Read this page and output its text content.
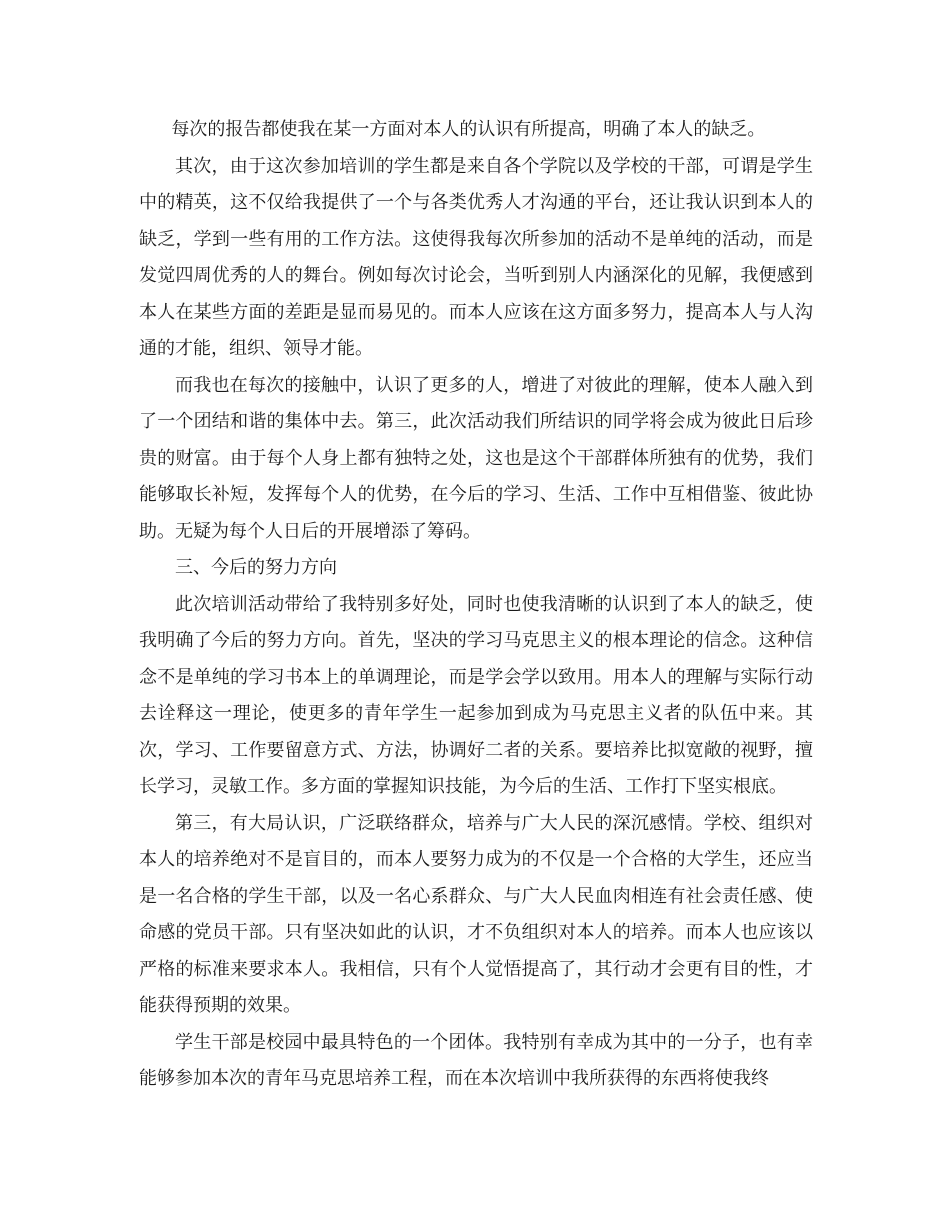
每次的报告都使我在某一方面对本人的认识有所提高，明确了本人的缺乏。

其次，由于这次参加培训的学生都是来自各个学院以及学校的干部，可谓是学生中的精英，这不仅给我提供了一个与各类优秀人才沟通的平台，还让我认识到本人的缺乏，学到一些有用的工作方法。这使得我每次所参加的活动不是单纯的活动，而是发觉四周优秀的人的舞台。例如每次讨论会，当听到别人内涵深化的见解，我便感到本人在某些方面的差距是显而易见的。而本人应该在这方面多努力，提高本人与人沟通的才能，组织、领导才能。

而我也在每次的接触中，认识了更多的人，增进了对彼此的理解，使本人融入到了一个团结和谐的集体中去。第三，此次活动我们所结识的同学将会成为彼此日后珍贵的财富。由于每个人身上都有独特之处，这也是这个干部群体所独有的优势，我们能够取长补短，发挥每个人的优势，在今后的学习、生活、工作中互相借鉴、彼此协助。无疑为每个人日后的开展增添了筹码。

三、今后的努力方向

此次培训活动带给了我特别多好处，同时也使我清晰的认识到了本人的缺乏，使我明确了今后的努力方向。首先，坚决的学习马克思主义的根本理论的信念。这种信念不是单纯的学习书本上的单调理论，而是学会学以致用。用本人的理解与实际行动去诠释这一理论，使更多的青年学生一起参加到成为马克思主义者的队伍中来。其次，学习、工作要留意方式、方法，协调好二者的关系。要培养比拟宽敞的视野，擅长学习，灵敏工作。多方面的掌握知识技能，为今后的生活、工作打下坚实根底。

第三，有大局认识，广泛联络群众，培养与广大人民的深沉感情。学校、组织对本人的培养绝对不是盲目的，而本人要努力成为的不仅是一个合格的大学生，还应当是一名合格的学生干部，以及一名心系群众、与广大人民血肉相连有社会责任感、使命感的党员干部。只有坚决如此的认识，才不负组织对本人的培养。而本人也应该以严格的标准来要求本人。我相信，只有个人觉悟提高了，其行动才会更有目的性，才能获得预期的效果。

学生干部是校园中最具特色的一个团体。我特别有幸成为其中的一分子，也有幸能够参加本次的青年马克思培养工程，而在本次培训中我所获得的东西将使我终
